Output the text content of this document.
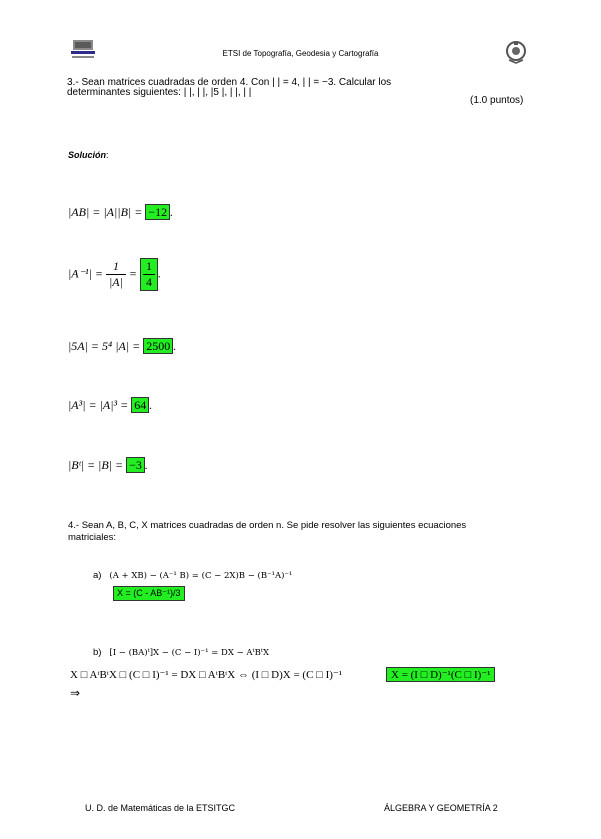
ETSI de Topografía, Geodesia y Cartografía
3.- Sean matrices cuadradas de orden 4. Con | | = 4, | | = −3. Calcular los
determinantes siguientes: | |, | |, |5 |, | |, | |
(1.0 puntos)
Solución:
|AB| = |A||B| = −12 .
$|A^{-1}| = \frac{1}{|A|} = \frac{1}{4}$ .
|5A| = 5⁴ |A| = 2500 .
|A³| = |A|³ = 64 .
|Bᵗ| = |B| = −3 .
4.- Sean A, B, C, X matrices cuadradas de orden n. Se pide resolver las siguientes ecuaciones matriciales:
a) (A + XB) − (A⁻¹ B) = (C − 2X)B − (B⁻¹A)⁻¹
X = (C - AB⁻¹)/3
b) [I − (BA)ᵗ]X − (C − I)⁻¹ = DX − AᵗBᵗX
X □ AᵗBᵗX □ (C □ I)⁻¹ = DX □ AᵗBᵗX ⇔ (I □ D)X = (C □ I)⁻¹	X = (I □ D)⁻¹(C □ I)⁻¹
⇒
U. D. de Matemáticas de la ETSITGC	ÁLGEBRA Y GEOMETRÍA 2
